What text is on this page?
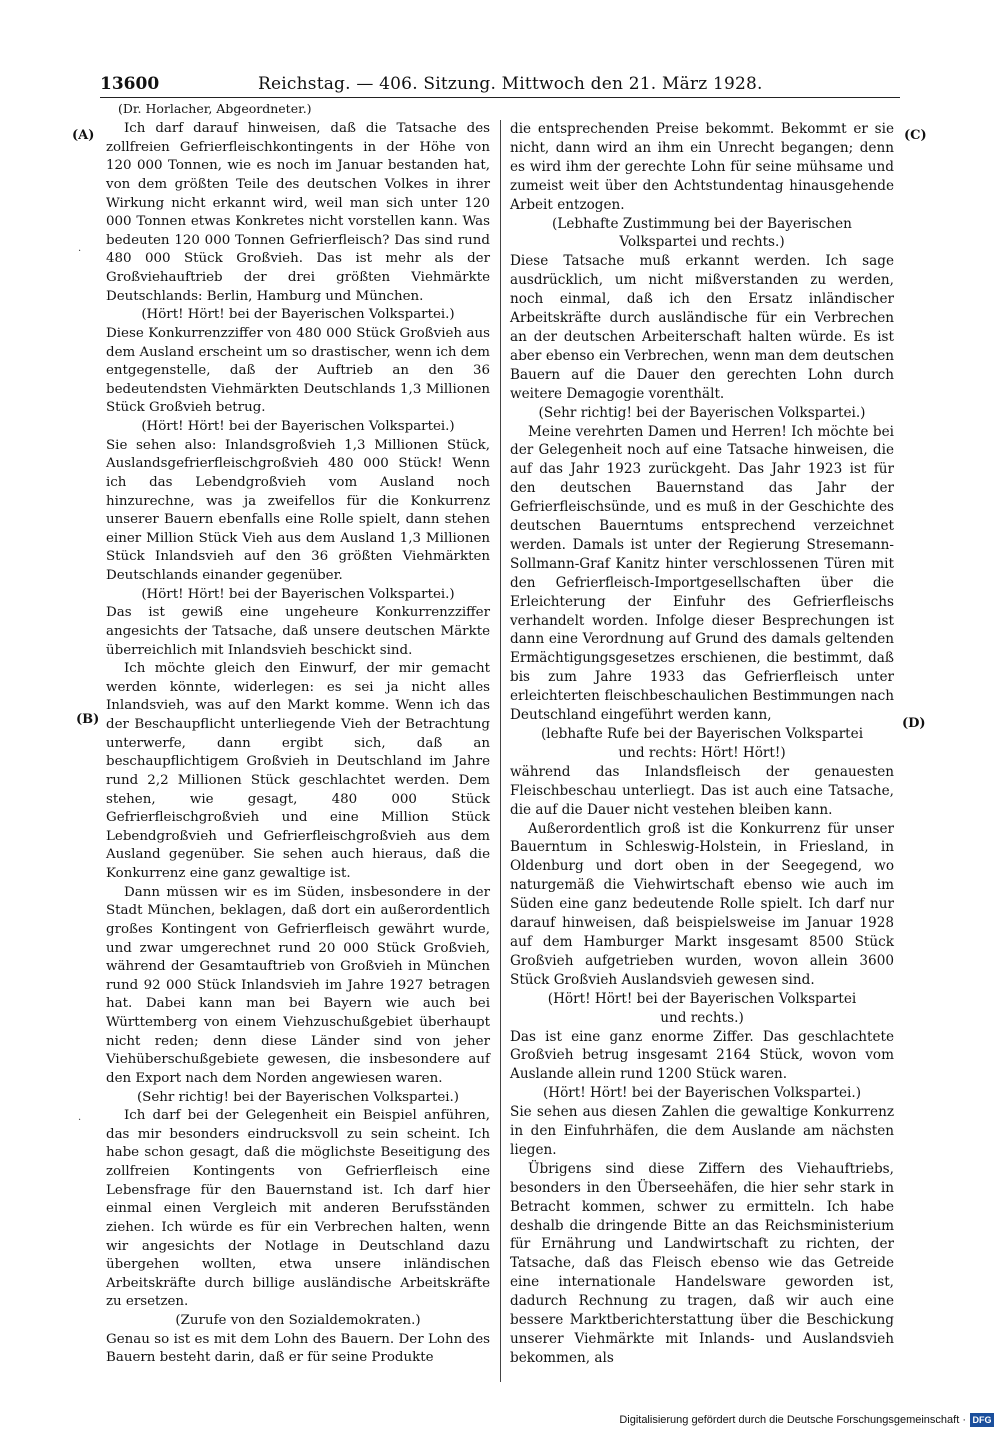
13600	Reichstag. — 406. Sitzung. Mittwoch den 21. März 1928.
(Dr. Horlacher, Abgeordneter.)
(A)
(B)
(C)
(D)
·
·

Ich darf darauf hinweisen, daß die Tatsache des zollfreien Gefrierfleischkontingents in der Höhe von 120 000 Tonnen, wie es noch im Januar bestanden hat, von dem größten Teile des deutschen Volkes in ihrer Wirkung nicht erkannt wird, weil man sich unter 120 000 Tonnen etwas Konkretes nicht vorstellen kann. Was bedeuten 120 000 Tonnen Gefrierfleisch? Das sind rund 480 000 Stück Großvieh. Das ist mehr als der Großviehauftrieb der drei größten Viehmärkte Deutschlands: Berlin, Hamburg und München.

(Hört! Hört! bei der Bayerischen Volkspartei.)

Diese Konkurrenzziffer von 480 000 Stück Großvieh aus dem Ausland erscheint um so drastischer, wenn ich dem entgegenstelle, daß der Auftrieb an den 36 bedeutendsten Viehmärkten Deutschlands 1,3 Millionen Stück Großvieh betrug.

(Hört! Hört! bei der Bayerischen Volkspartei.)

Sie sehen also: Inlandsgroßvieh 1,3 Millionen Stück, Auslandsgefrierfleischgroßvieh 480 000 Stück! Wenn ich das Lebendgroßvieh vom Ausland noch hinzurechne, was ja zweifellos für die Konkurrenz unserer Bauern ebenfalls eine Rolle spielt, dann stehen einer Million Stück Vieh aus dem Ausland 1,3 Millionen Stück Inlandsvieh auf den 36 größten Viehmärkten Deutschlands einander gegenüber.

(Hört! Hört! bei der Bayerischen Volkspartei.)

Das ist gewiß eine ungeheure Konkurrenzziffer angesichts der Tatsache, daß unsere deutschen Märkte überreichlich mit Inlandsvieh beschickt sind.

Ich möchte gleich den Einwurf, der mir gemacht werden könnte, widerlegen: es sei ja nicht alles Inlandsvieh, was auf den Markt komme. Wenn ich das der Beschaupflicht unterliegende Vieh der Betrachtung unterwerfe, dann ergibt sich, daß an beschaupflichtigem Großvieh in Deutschland im Jahre rund 2,2 Millionen Stück geschlachtet werden. Dem stehen, wie gesagt, 480 000 Stück Gefrierfleischgroßvieh und eine Million Stück Lebendgroßvieh und Gefrierfleischgroßvieh aus dem Ausland gegenüber. Sie sehen auch hieraus, daß die Konkurrenz eine ganz gewaltige ist.

Dann müssen wir es im Süden, insbesondere in der Stadt München, beklagen, daß dort ein außerordentlich großes Kontingent von Gefrierfleisch gewährt wurde, und zwar umgerechnet rund 20 000 Stück Großvieh, während der Gesamtauftrieb von Großvieh in München rund 92 000 Stück Inlandsvieh im Jahre 1927 betragen hat. Dabei kann man bei Bayern wie auch bei Württemberg von einem Viehzuschußgebiet überhaupt nicht reden; denn diese Länder sind von jeher Viehüberschußgebiete gewesen, die insbesondere auf den Export nach dem Norden angewiesen waren.

(Sehr richtig! bei der Bayerischen Volkspartei.)

Ich darf bei der Gelegenheit ein Beispiel anführen, das mir besonders eindrucksvoll zu sein scheint. Ich habe schon gesagt, daß die möglichste Beseitigung des zollfreien Kontingents von Gefrierfleisch eine Lebensfrage für den Bauernstand ist. Ich darf hier einmal einen Vergleich mit anderen Berufsständen ziehen. Ich würde es für ein Verbrechen halten, wenn wir angesichts der Notlage in Deutschland dazu übergehen wollten, etwa unsere inländischen Arbeitskräfte durch billige ausländische Arbeitskräfte zu ersetzen.

(Zurufe von den Sozialdemokraten.)

Genau so ist es mit dem Lohn des Bauern. Der Lohn des Bauern besteht darin, daß er für seine Produkte

die entsprechenden Preise bekommt. Bekommt er sie nicht, dann wird an ihm ein Unrecht begangen; denn es wird ihm der gerechte Lohn für seine mühsame und zumeist weit über den Achtstundentag hinausgehende Arbeit entzogen.

(Lebhafte Zustimmung bei der Bayerischen Volkspartei und rechts.)

Diese Tatsache muß erkannt werden. Ich sage ausdrücklich, um nicht mißverstanden zu werden, noch einmal, daß ich den Ersatz inländischer Arbeitskräfte durch ausländische für ein Verbrechen an der deutschen Arbeiterschaft halten würde. Es ist aber ebenso ein Verbrechen, wenn man dem deutschen Bauern auf die Dauer den gerechten Lohn durch weitere Demagogie vorenthält.

(Sehr richtig! bei der Bayerischen Volkspartei.)

Meine verehrten Damen und Herren! Ich möchte bei der Gelegenheit noch auf eine Tatsache hinweisen, die auf das Jahr 1923 zurückgeht. Das Jahr 1923 ist für den deutschen Bauernstand das Jahr der Gefrierfleischsünde, und es muß in der Geschichte des deutschen Bauerntums entsprechend verzeichnet werden. Damals ist unter der Regierung Stresemann-Sollmann-Graf Kanitz hinter verschlossenen Türen mit den Gefrierfleisch-Importgesellschaften über die Erleichterung der Einfuhr des Gefrierfleischs verhandelt worden. Infolge dieser Besprechungen ist dann eine Verordnung auf Grund des damals geltenden Ermächtigungsgesetzes erschienen, die bestimmt, daß bis zum Jahre 1933 das Gefrierfleisch unter erleichterten fleischbeschaulichen Bestimmungen nach Deutschland eingeführt werden kann,

(lebhafte Rufe bei der Bayerischen Volkspartei und rechts: Hört! Hört!)

während das Inlandsfleisch der genauesten Fleischbeschau unterliegt. Das ist auch eine Tatsache, die auf die Dauer nicht vestehen bleiben kann.

Außerordentlich groß ist die Konkurrenz für unser Bauerntum in Schleswig-Holstein, in Friesland, in Oldenburg und dort oben in der Seegegend, wo naturgemäß die Viehwirtschaft ebenso wie auch im Süden eine ganz bedeutende Rolle spielt. Ich darf nur darauf hinweisen, daß beispielsweise im Januar 1928 auf dem Hamburger Markt insgesamt 8500 Stück Großvieh aufgetrieben wurden, wovon allein 3600 Stück Großvieh Auslandsvieh gewesen sind.

(Hört! Hört! bei der Bayerischen Volkspartei und rechts.)

Das ist eine ganz enorme Ziffer. Das geschlachtete Großvieh betrug insgesamt 2164 Stück, wovon vom Auslande allein rund 1200 Stück waren.

(Hört! Hört! bei der Bayerischen Volkspartei.)

Sie sehen aus diesen Zahlen die gewaltige Konkurrenz in den Einfuhrhäfen, die dem Auslande am nächsten liegen.

Übrigens sind diese Ziffern des Viehauftriebs, besonders in den Überseehäfen, die hier sehr stark in Betracht kommen, schwer zu ermitteln. Ich habe deshalb die dringende Bitte an das Reichsministerium für Ernährung und Landwirtschaft zu richten, der Tatsache, daß das Fleisch ebenso wie das Getreide eine internationale Handelsware geworden ist, dadurch Rechnung zu tragen, daß wir auch eine bessere Marktberichterstattung über die Beschickung unserer Viehmärkte mit Inlands- und Auslandsvieh bekommen, als

Digitalisierung gefördert durch die Deutsche Forschungsgemeinschaft · DFG
